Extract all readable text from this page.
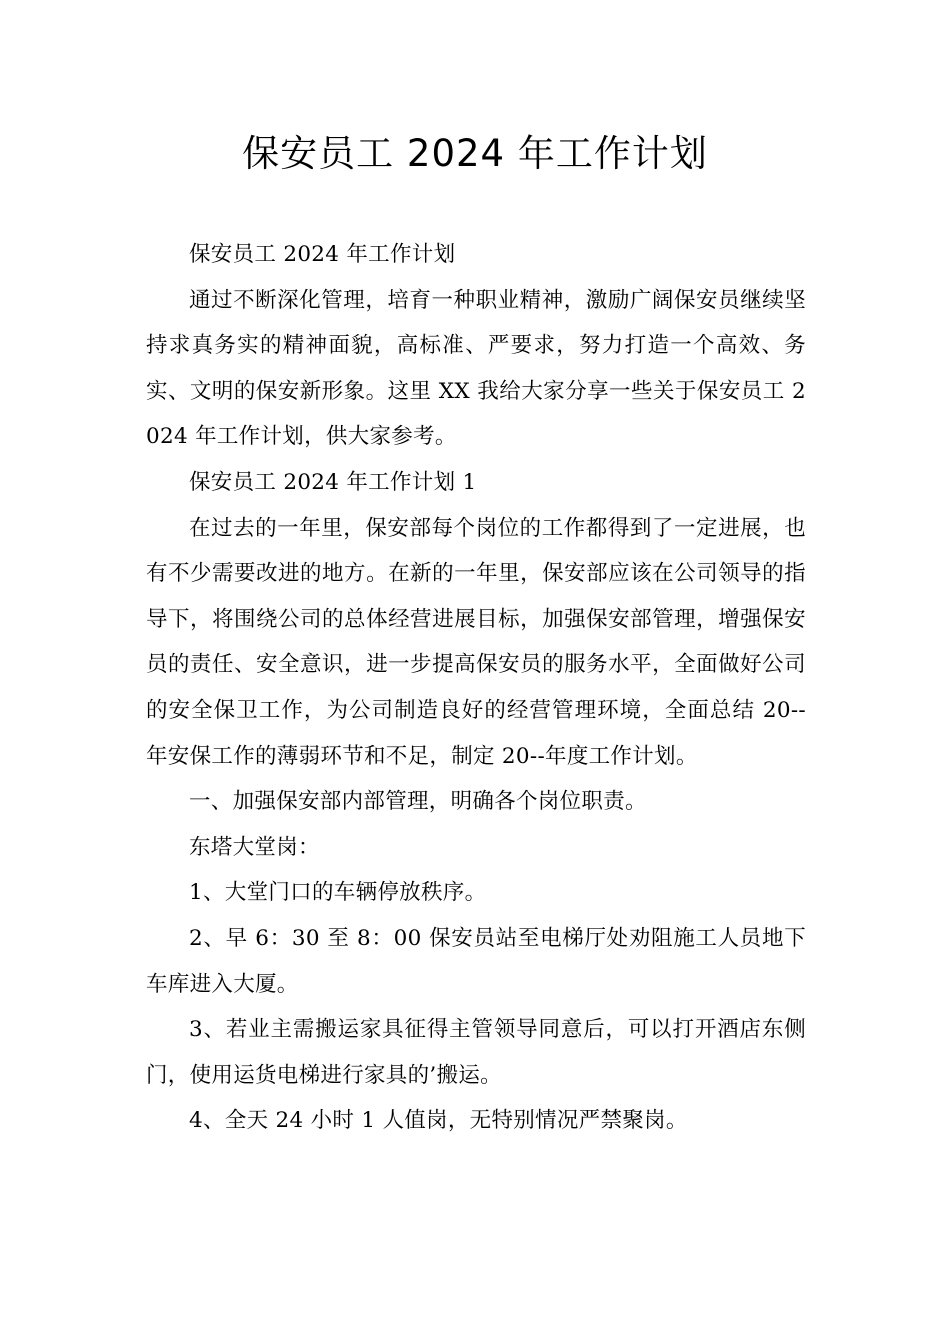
保安员工 2024 年工作计划

保安员工 2024 年工作计划

通过不断深化管理，培育一种职业精神，激励广阔保安员继续坚持求真务实的精神面貌，高标准、严要求，努力打造一个高效、务实、文明的保安新形象。这里 XX 我给大家分享一些关于保安员工 2024 年工作计划，供大家参考。

保安员工 2024 年工作计划 1

在过去的一年里，保安部每个岗位的工作都得到了一定进展，也有不少需要改进的地方。在新的一年里，保安部应该在公司领导的指导下，将围绕公司的总体经营进展目标，加强保安部管理，增强保安员的责任、安全意识，进一步提高保安员的服务水平，全面做好公司的安全保卫工作，为公司制造良好的经营管理环境，全面总结 20--年安保工作的薄弱环节和不足，制定 20--年度工作计划。

一、加强保安部内部管理，明确各个岗位职责。

东塔大堂岗：

1、大堂门口的车辆停放秩序。

2、早 6：30 至 8：00 保安员站至电梯厅处劝阻施工人员地下车库进入大厦。

3、若业主需搬运家具征得主管领导同意后，可以打开酒店东侧门，使用运货电梯进行家具的’搬运。

4、全天 24 小时 1 人值岗，无特别情况严禁聚岗。
